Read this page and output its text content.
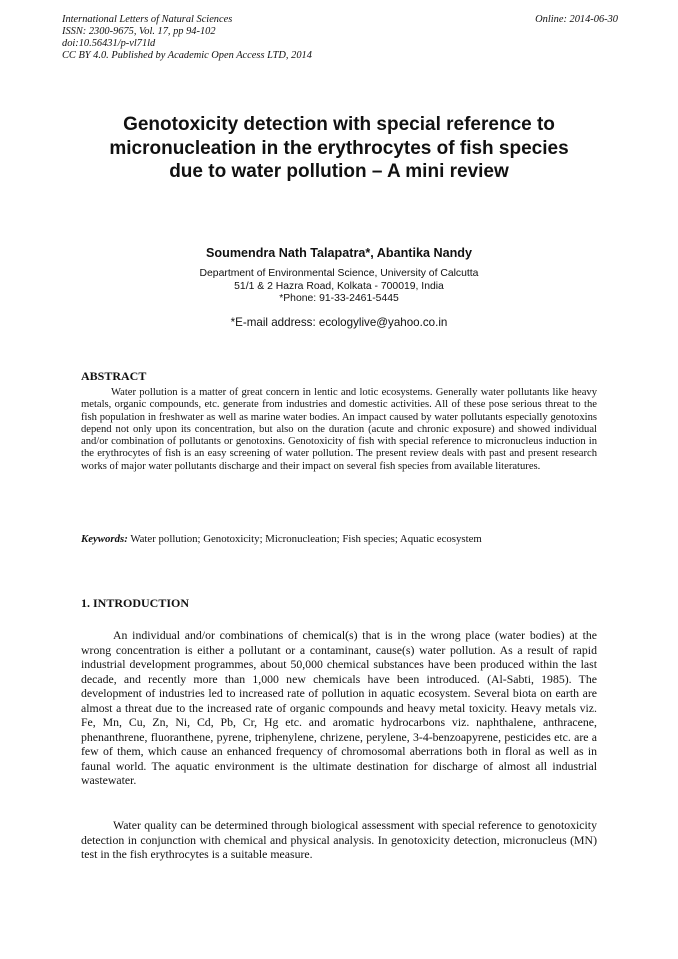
International Letters of Natural Sciences
ISSN: 2300-9675, Vol. 17, pp 94-102
doi:10.56431/p-vl71ld
CC BY 4.0. Published by Academic Open Access LTD, 2014
Online: 2014-06-30
Genotoxicity detection with special reference to
micronucleation in the erythrocytes of fish species
due to water pollution – A mini review
Soumendra Nath Talapatra*, Abantika Nandy
Department of Environmental Science, University of Calcutta
51/1 & 2 Hazra Road, Kolkata - 700019, India
*Phone: 91-33-2461-5445
*E-mail address: ecologylive@yahoo.co.in
ABSTRACT

Water pollution is a matter of great concern in lentic and lotic ecosystems. Generally water pollutants like heavy metals, organic compounds, etc. generate from industries and domestic activities. All of these pose serious threat to the fish population in freshwater as well as marine water bodies. An impact caused by water pollutants especially genotoxins depend not only upon its concentration, but also on the duration (acute and chronic exposure) and showed individual and/or combination of pollutants or genotoxins. Genotoxicity of fish with special reference to micronucleus induction in the erythrocytes of fish is an easy screening of water pollution. The present review deals with past and present research works of major water pollutants discharge and their impact on several fish species from available literatures.

Keywords: Water pollution; Genotoxicity; Micronucleation; Fish species; Aquatic ecosystem
1. INTRODUCTION

An individual and/or combinations of chemical(s) that is in the wrong place (water bodies) at the wrong concentration is either a pollutant or a contaminant, cause(s) water pollution. As a result of rapid industrial development programmes, about 50,000 chemical substances have been produced within the last decade, and recently more than 1,000 new chemicals have been introduced. (Al-Sabti, 1985). The development of industries led to increased rate of pollution in aquatic ecosystem. Several biota on earth are almost a threat due to the increased rate of organic compounds and heavy metal toxicity. Heavy metals viz. Fe, Mn, Cu, Zn, Ni, Cd, Pb, Cr, Hg etc. and aromatic hydrocarbons viz. naphthalene, anthracene, phenanthrene, fluoranthene, pyrene, triphenylene, chrizene, perylene, 3-4-benzoapyrene, pesticides etc. are a few of them, which cause an enhanced frequency of chromosomal aberrations both in floral as well as in faunal world. The aquatic environment is the ultimate destination for discharge of almost all industrial wastewater.

Water quality can be determined through biological assessment with special reference to genotoxicity detection in conjunction with chemical and physical analysis. In genotoxicity detection, micronucleus (MN) test in the fish erythrocytes is a suitable measure.
